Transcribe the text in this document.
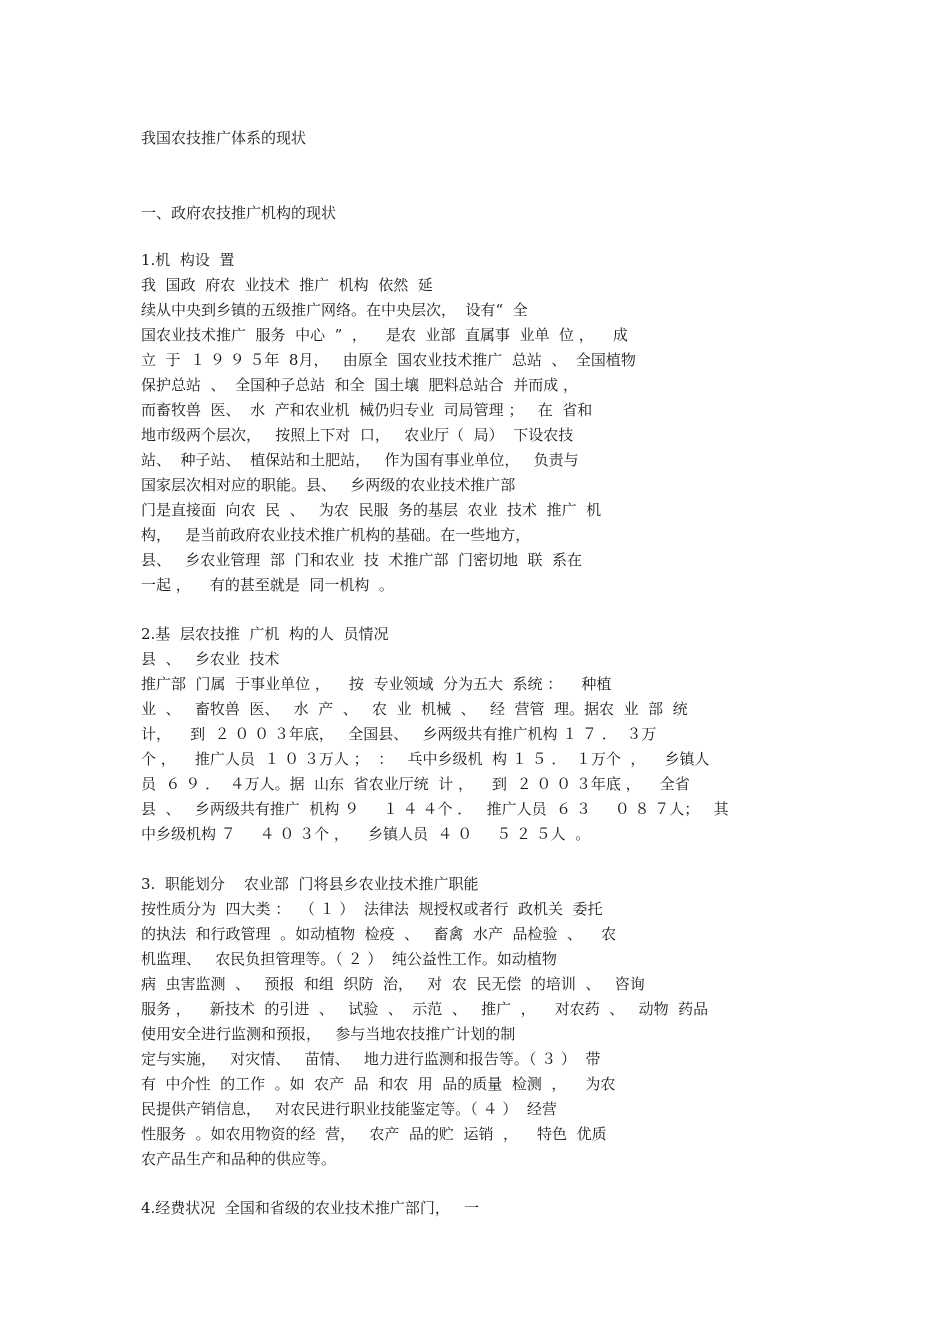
我国农技推广体系的现状
一、政府农技推广机构的现状
1.机  构设  置
我  国政  府农  业技术  推广  机构  依然  延
续从中央到乡镇的五级推广网络。在中央层次，  设有“  全
国农业技术推广  服务  中心  ”  ，    是农  业部  直属事  业单  位 ，    成
立  于  １ ９ ９ ５年  8月，   由原全  国农业技术推广  总站  、  全国植物
保护总站  、  全国种子总站  和全  国土壤  肥料总站合  并而成 ，
而畜牧兽  医、  水  产和农业机  械仍归专业  司局管理 ；   在  省和
地市级两个层次，   按照上下对  口，   农业厅（  局）  下设农技
站、  种子站、  植保站和土肥站，   作为国有事业单位，   负责与
国家层次相对应的职能。县、   乡两级的农业技术推广部
门是直接面  向农  民  、   为农  民服  务的基层  农业  技术  推广  机
构，   是当前政府农业技术推广机构的基础。在一些地方，
县、   乡农业管理  部  门和农业  技  术推广部  门密切地  联  系在
一起 ，    有的甚至就是  同一机构  。
2.基  层农技推  广机  构的人  员情况
县  、   乡农业  技术
推广部  门属  于事业单位 ，    按  专业领域  分为五大  系统 ：    种植
业  、   畜牧兽  医、   水  产  、   农  业  机械  、   经  营管  理。据农  业  部  统
计，    到  ２ ０ ０ ３年底，   全国县、   乡两级共有推广机构 １ ７ ．  ３万
个 ，    推广人员  １ ０ ３万人 ；  ：   乓中乡级机  构 １ ５ ．  １万个  ，    乡镇人
员  ６ ９ ．  ４万人。据  山东  省农业厅统  计 ，    到  ２ ０ ０ ３年底 ，    全省
县  、   乡两级共有推广  机构 ９     １ ４ ４个 ．   推广人员  ６ ３     ０ ８ ７人；   其
中乡级机构 ７     ４ ０ ３个 ，    乡镇人员  ４ ０     ５ ２ ５人  。
3.  职能划分    农业部  门将县乡农业技术推广职能
按性质分为  四大类 ：  （ １ ）  法律法  规授权或者行  政机关  委托
的执法  和行政管理  。如动植物  检疫  、   畜禽  水产  品检验  、    农
机监理、   农民负担管理等。（ ２ ）  纯公益性工作。如动植物
病  虫害监测  、   预报  和组  织防  治，   对  农  民无偿  的培训  、   咨询
服务 ，    新技术  的引进  、   试验  、  示范  、   推广  ，    对农药  、   动物  药品
使用安全进行监测和预报，   参与当地农技推广计划的制
定与实施，   对灾情、   苗情、   地力进行监测和报告等。（ ３ ）  带
有  中介性  的工作  。如  农产  品  和农  用  品的质量  检测  ，    为农
民提供产销信息，   对农民进行职业技能鉴定等。（ ４ ）  经营
性服务  。如农用物资的经  营，   农产  品的贮  运销  ，    特色  优质
农产品生产和品种的供应等。
4.经费状况  全国和省级的农业技术推广部门，   一
